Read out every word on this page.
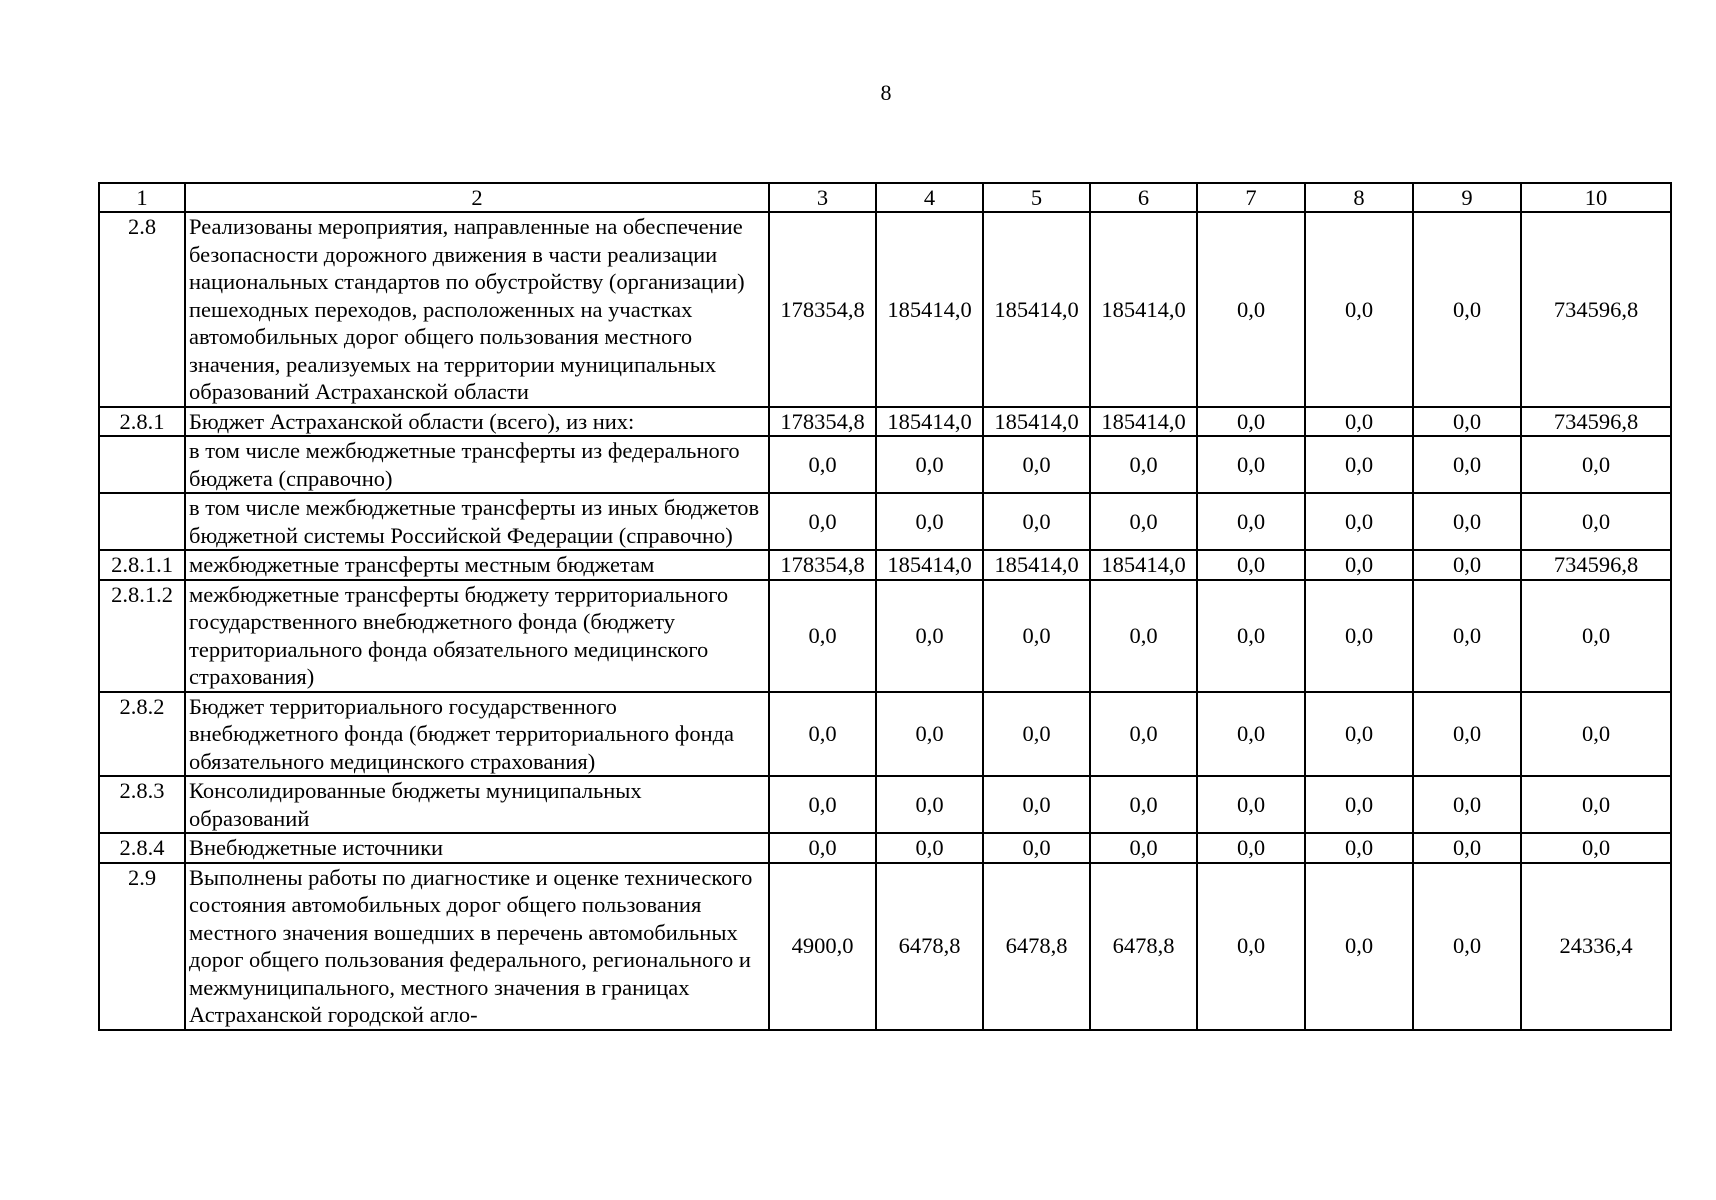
8
1	2	3	4	5	6	7	8	9	10
2.8	Реализованы мероприятия, направленные на обеспечение безопасности дорожного движения в части реализации национальных стандартов по обустройству (организации) пешеходных переходов, расположенных на участках автомобильных дорог общего пользования местного значения, реализуемых на территории муниципальных образований Астраханской области	178354,8	185414,0	185414,0	185414,0	0,0	0,0	0,0	734596,8
2.8.1	Бюджет Астраханской области (всего), из них:	178354,8	185414,0	185414,0	185414,0	0,0	0,0	0,0	734596,8
	в том числе межбюджетные трансферты из федерального бюджета (справочно)	0,0	0,0	0,0	0,0	0,0	0,0	0,0	0,0
	в том числе межбюджетные трансферты из иных бюджетов бюджетной системы Российской Федерации (справочно)	0,0	0,0	0,0	0,0	0,0	0,0	0,0	0,0
2.8.1.1	межбюджетные трансферты местным бюджетам	178354,8	185414,0	185414,0	185414,0	0,0	0,0	0,0	734596,8
2.8.1.2	межбюджетные трансферты бюджету территориального государственного внебюджетного фонда (бюджету территориального фонда обязательного медицинского страхования)	0,0	0,0	0,0	0,0	0,0	0,0	0,0	0,0
2.8.2	Бюджет территориального государственного внебюджетного фонда (бюджет территориального фонда обязательного медицинского страхования)	0,0	0,0	0,0	0,0	0,0	0,0	0,0	0,0
2.8.3	Консолидированные бюджеты муниципальных образований	0,0	0,0	0,0	0,0	0,0	0,0	0,0	0,0
2.8.4	Внебюджетные источники	0,0	0,0	0,0	0,0	0,0	0,0	0,0	0,0
2.9	Выполнены работы по диагностике и оценке технического состояния автомобильных дорог общего пользования местного значения вошедших в перечень автомобильных дорог общего пользования федерального, регионального и межмуниципального, местного значения в границах Астраханской городской агло-	4900,0	6478,8	6478,8	6478,8	0,0	0,0	0,0	24336,4
